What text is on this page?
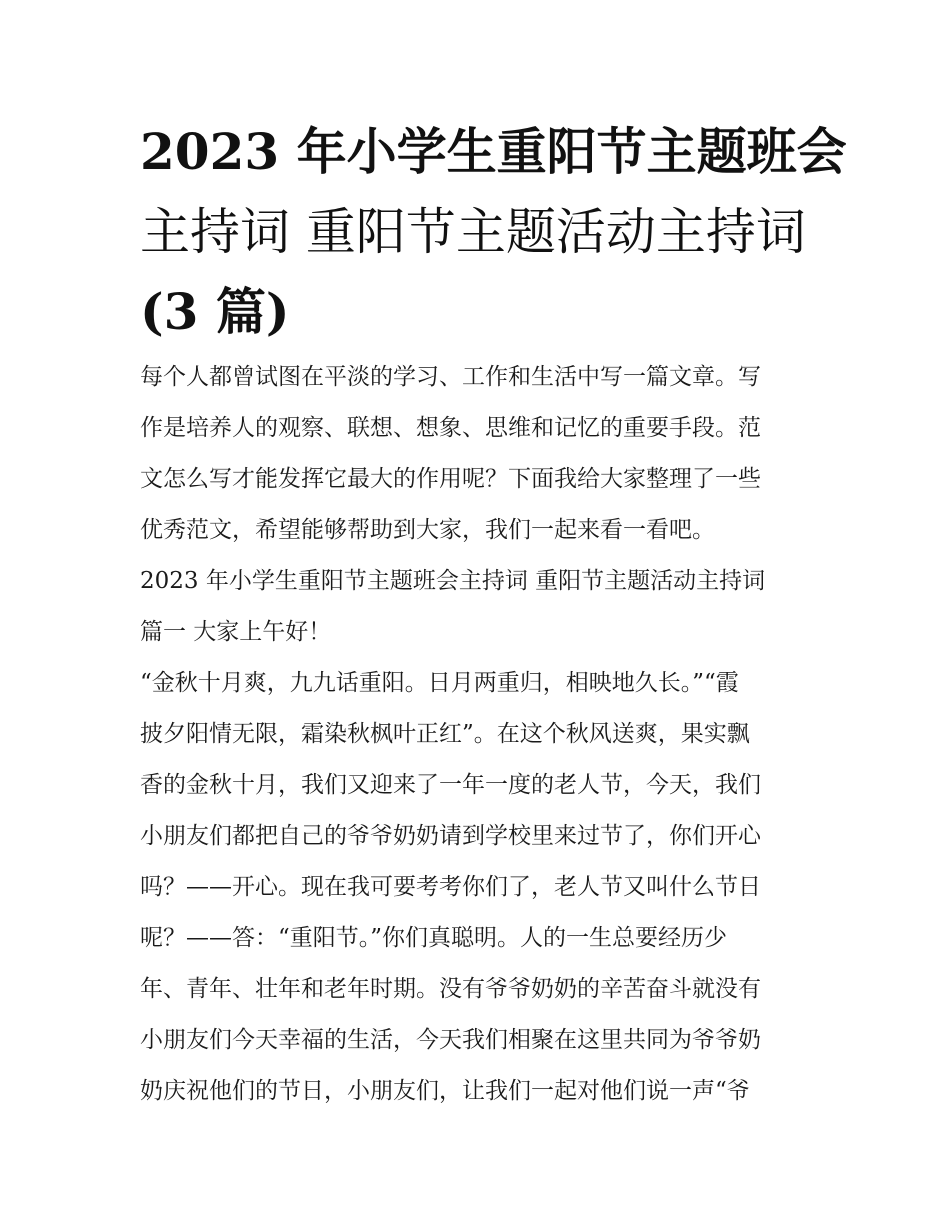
2023 年小学生重阳节主题班会
主持词 重阳节主题活动主持词
(3 篇)
每个人都曾试图在平淡的学习、工作和生活中写一篇文章。写
作是培养人的观察、联想、想象、思维和记忆的重要手段。范
文怎么写才能发挥它最大的作用呢？下面我给大家整理了一些
优秀范文，希望能够帮助到大家，我们一起来看一看吧。
2023 年小学生重阳节主题班会主持词 重阳节主题活动主持词
篇一 大家上午好！
“金秋十月爽，九九话重阳。日月两重归，相映地久长。”“霞
披夕阳情无限，霜染秋枫叶正红”。在这个秋风送爽，果实飘
香的金秋十月，我们又迎来了一年一度的老人节，今天，我们
小朋友们都把自己的爷爷奶奶请到学校里来过节了，你们开心
吗？——开心。现在我可要考考你们了，老人节又叫什么节日
呢？——答：“重阳节。”你们真聪明。人的一生总要经历少
年、青年、壮年和老年时期。没有爷爷奶奶的辛苦奋斗就没有
小朋友们今天幸福的生活，今天我们相聚在这里共同为爷爷奶
奶庆祝他们的节日，小朋友们，让我们一起对他们说一声“爷
